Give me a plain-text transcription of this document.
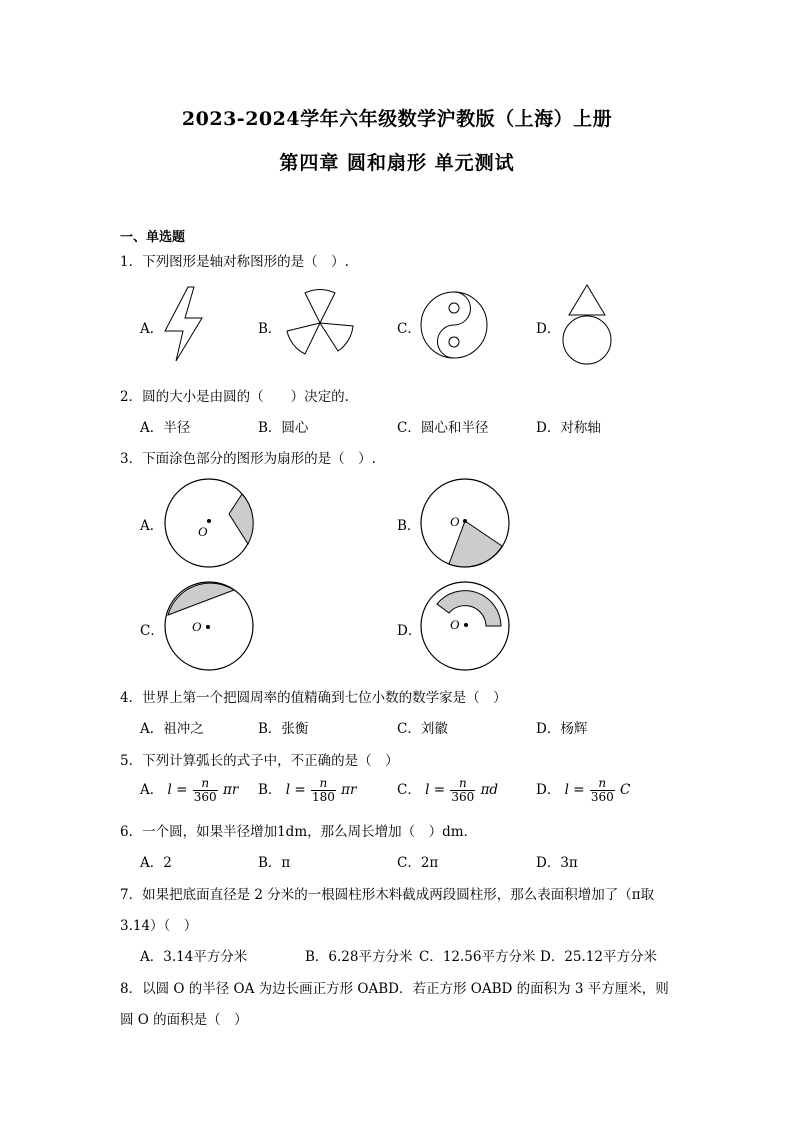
2023-2024学年六年级数学沪教版（上海）上册
第四章 圆和扇形 单元测试
一、单选题
1．下列图形是轴对称图形的是（　）.
A．	B．	C．	D．
2．圆的大小是由圆的（　　）决定的.
A．半径	B．圆心	C．圆心和半径	D．对称轴
3．下面涂色部分的图形为扇形的是（　）.
A．	O	B． O
C． O	D． O
4．世界上第一个把圆周率的值精确到七位小数的数学家是（　）
A．祖冲之	B．张衡	C．刘徽	D．杨辉
5．下列计算弧长的式子中，不正确的是（　）
A． $l = \frac{n}{360}$ πr B． $l = \frac{n}{180}$ πr	C． $l = \frac{n}{360}$ πd	D． $l = \frac{n}{360}$ C
6．一个圆，如果半径增加1dm，那么周长增加（　）dm．
A．2	B．π	C．2π	D．3π
7．如果把底面直径是 2 分米的一根圆柱形木料截成两段圆柱形，那么表面积增加了（π取
3.14）（　）
A．3.14平方分米	B．6.28平方分米 C．12.56平方分米 D．25.12平方分米
8．以圆 O 的半径 OA 为边长画正方形 OABD．若正方形 OABD 的面积为 3 平方厘米，则
圆 O 的面积是（　）
